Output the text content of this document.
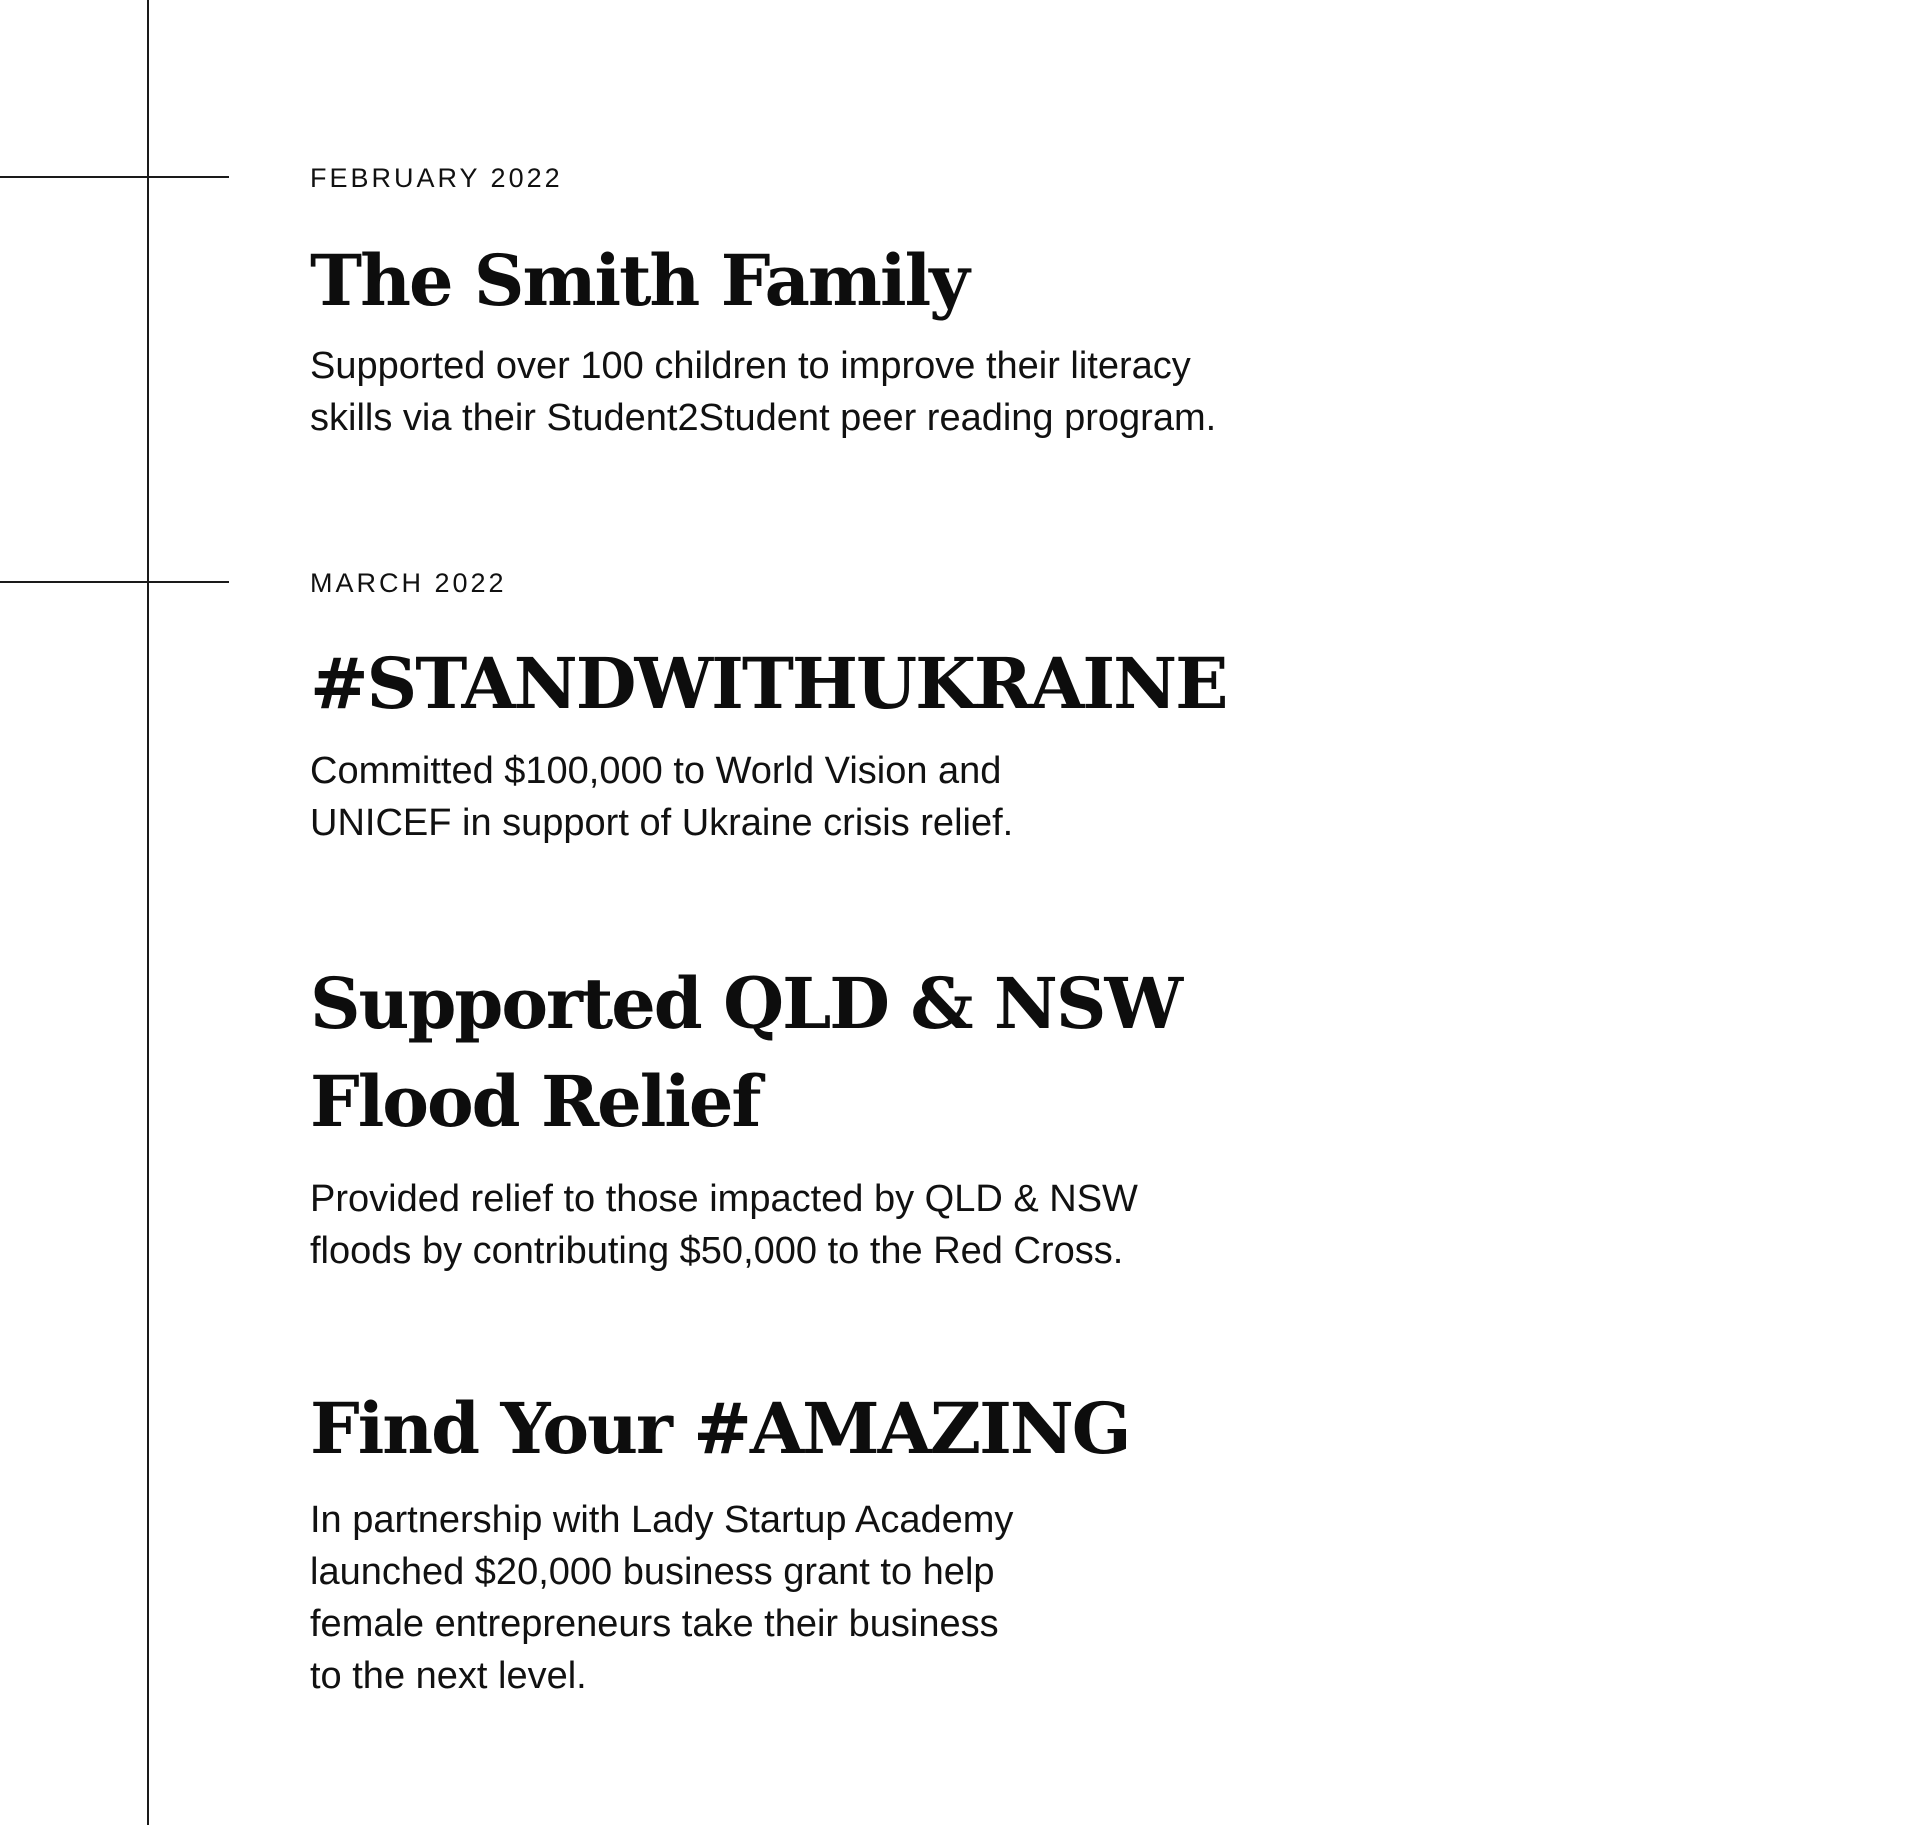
FEBRUARY 2022

The Smith Family

Supported over 100 children to improve their literacy
skills via their Student2Student peer reading program.

MARCH 2022

#STANDWITHUKRAINE

Committed $100,000 to World Vision and
UNICEF in support of Ukraine crisis relief.

Supported QLD & NSW
Flood Relief

Provided relief to those impacted by QLD & NSW
floods by contributing $50,000 to the Red Cross.

Find Your #AMAZING

In partnership with Lady Startup Academy
launched $20,000 business grant to help
female entrepreneurs take their business
to the next level.
